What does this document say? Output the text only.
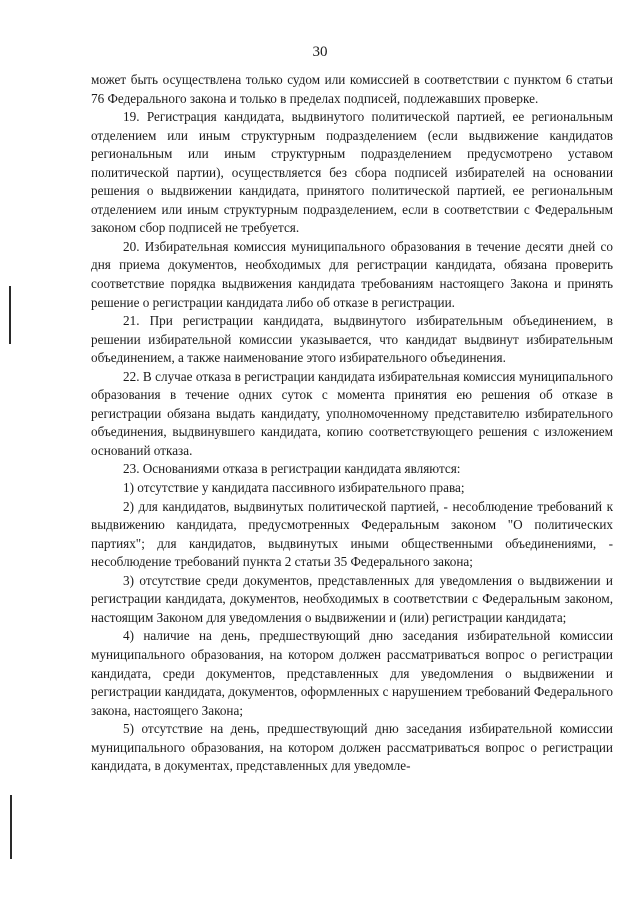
30

может быть осуществлена только судом или комиссией в соответствии с пунктом 6 статьи 76 Федерального закона и только в пределах подписей, подлежавших проверке.

19. Регистрация кандидата, выдвинутого политической партией, ее региональным отделением или иным структурным подразделением (если выдвижение кандидатов региональным или иным структурным подразделением предусмотрено уставом политической партии), осуществляется без сбора подписей избирателей на основании решения о выдвижении кандидата, принятого политической партией, ее региональным отделением или иным структурным подразделением, если в соответствии с Федеральным законом сбор подписей не требуется.

20. Избирательная комиссия муниципального образования в течение десяти дней со дня приема документов, необходимых для регистрации кандидата, обязана проверить соответствие порядка выдвижения кандидата требованиям настоящего Закона и принять решение о регистрации кандидата либо об отказе в регистрации.

21. При регистрации кандидата, выдвинутого избирательным объединением, в решении избирательной комиссии указывается, что кандидат выдвинут избирательным объединением, а также наименование этого избирательного объединения.

22. В случае отказа в регистрации кандидата избирательная комиссия муниципального образования в течение одних суток с момента принятия ею решения об отказе в регистрации обязана выдать кандидату, уполномоченному представителю избирательного объединения, выдвинувшего кандидата, копию соответствующего решения с изложением оснований отказа.

23. Основаниями отказа в регистрации кандидата являются:

1) отсутствие у кандидата пассивного избирательного права;

2) для кандидатов, выдвинутых политической партией, - несоблюдение требований к выдвижению кандидата, предусмотренных Федеральным законом "О политических партиях"; для кандидатов, выдвинутых иными общественными объединениями, - несоблюдение требований пункта 2 статьи 35 Федерального закона;

3) отсутствие среди документов, представленных для уведомления о выдвижении и регистрации кандидата, документов, необходимых в соответствии с Федеральным законом, настоящим Законом для уведомления о выдвижении и (или) регистрации кандидата;

4) наличие на день, предшествующий дню заседания избирательной комиссии муниципального образования, на котором должен рассматриваться вопрос о регистрации кандидата, среди документов, представленных для уведомления о выдвижении и регистрации кандидата, документов, оформленных с нарушением требований Федерального закона, настоящего Закона;

5) отсутствие на день, предшествующий дню заседания избирательной комиссии муниципального образования, на котором должен рассматриваться вопрос о регистрации кандидата, в документах, представленных для уведомле-
